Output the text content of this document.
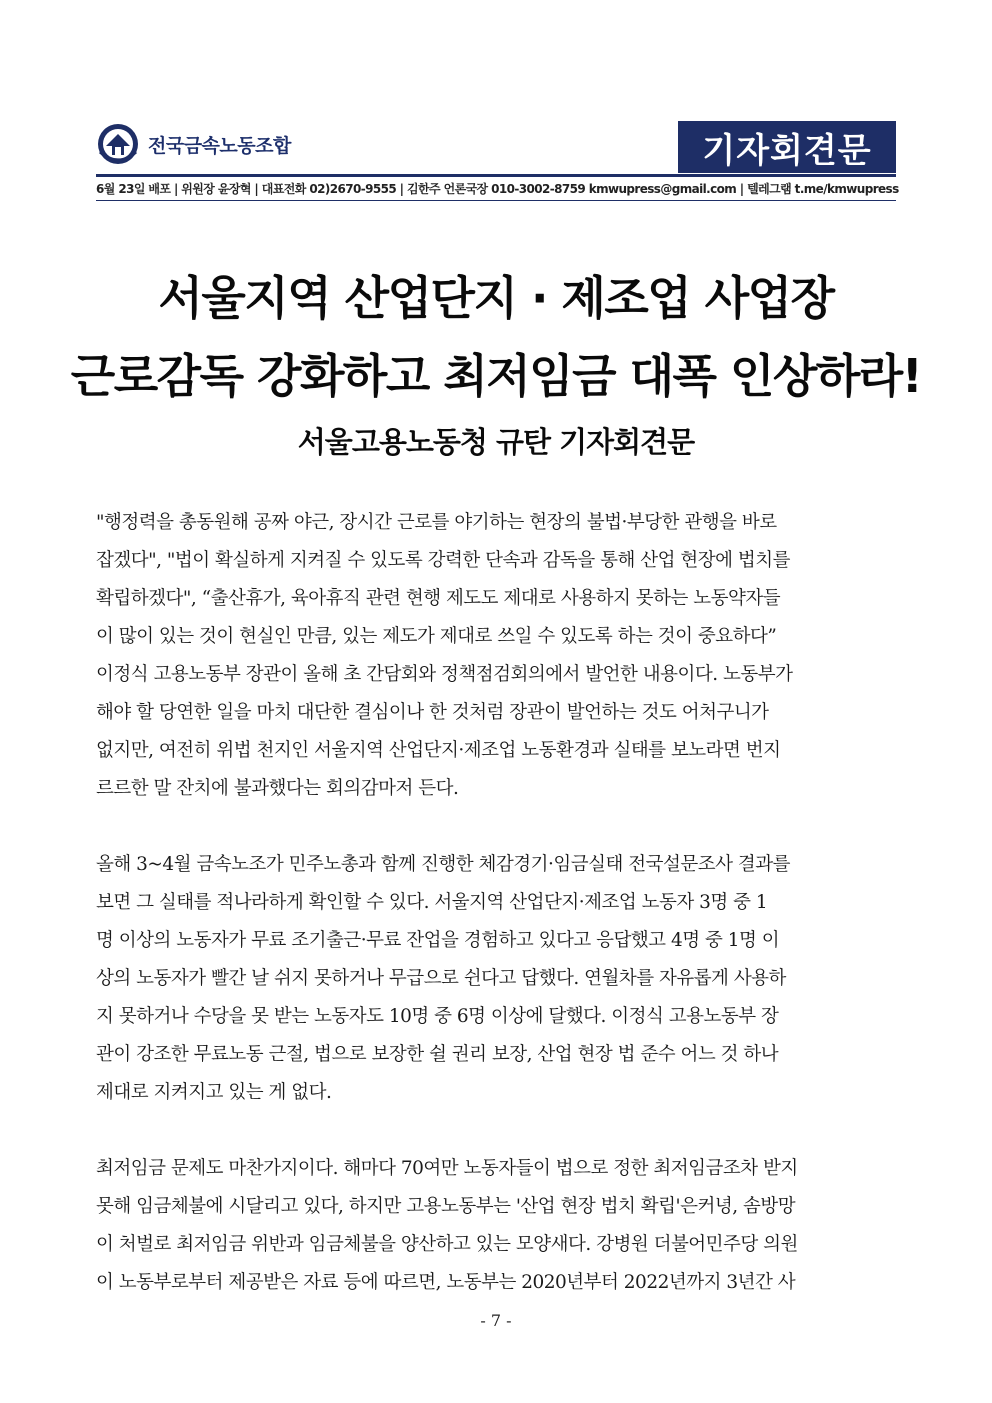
전국금속노동조합	기자회견문
6월 23일 배포 | 위원장 윤장혁 | 대표전화 02)2670-9555 | 김한주 언론국장 010-3002-8759 kmwupress@gmail.com | 텔레그램 t.me/kmwupress
서울지역 산업단지 · 제조업 사업장
근로감독 강화하고 최저임금 대폭 인상하라!
서울고용노동청 규탄 기자회견문
"행정력을 총동원해 공짜 야근, 장시간 근로를 야기하는 현장의 불법·부당한 관행을 바로
잡겠다", "법이 확실하게 지켜질 수 있도록 강력한 단속과 감독을 통해 산업 현장에 법치를
확립하겠다", “출산휴가, 육아휴직 관련 현행 제도도 제대로 사용하지 못하는 노동약자들
이 많이 있는 것이 현실인 만큼, 있는 제도가 제대로 쓰일 수 있도록 하는 것이 중요하다”
이정식 고용노동부 장관이 올해 초 간담회와 정책점검회의에서 발언한 내용이다. 노동부가
해야 할 당연한 일을 마치 대단한 결심이나 한 것처럼 장관이 발언하는 것도 어처구니가
없지만, 여전히 위법 천지인 서울지역 산업단지·제조업 노동환경과 실태를 보노라면 번지
르르한 말 잔치에 불과했다는 회의감마저 든다.
올해 3~4월 금속노조가 민주노총과 함께 진행한 체감경기·임금실태 전국설문조사 결과를
보면 그 실태를 적나라하게 확인할 수 있다. 서울지역 산업단지·제조업 노동자 3명 중 1
명 이상의 노동자가 무료 조기출근·무료 잔업을 경험하고 있다고 응답했고 4명 중 1명 이
상의 노동자가 빨간 날 쉬지 못하거나 무급으로 쉰다고 답했다. 연월차를 자유롭게 사용하
지 못하거나 수당을 못 받는 노동자도 10명 중 6명 이상에 달했다. 이정식 고용노동부 장
관이 강조한 무료노동 근절, 법으로 보장한 쉴 권리 보장, 산업 현장 법 준수 어느 것 하나
제대로 지켜지고 있는 게 없다.
최저임금 문제도 마찬가지이다. 해마다 70여만 노동자들이 법으로 정한 최저임금조차 받지
못해 임금체불에 시달리고 있다, 하지만 고용노동부는 '산업 현장 법치 확립'은커녕, 솜방망
이 처벌로 최저임금 위반과 임금체불을 양산하고 있는 모양새다. 강병원 더불어민주당 의원
이 노동부로부터 제공받은 자료 등에 따르면, 노동부는 2020년부터 2022년까지 3년간 사
- 7 -
